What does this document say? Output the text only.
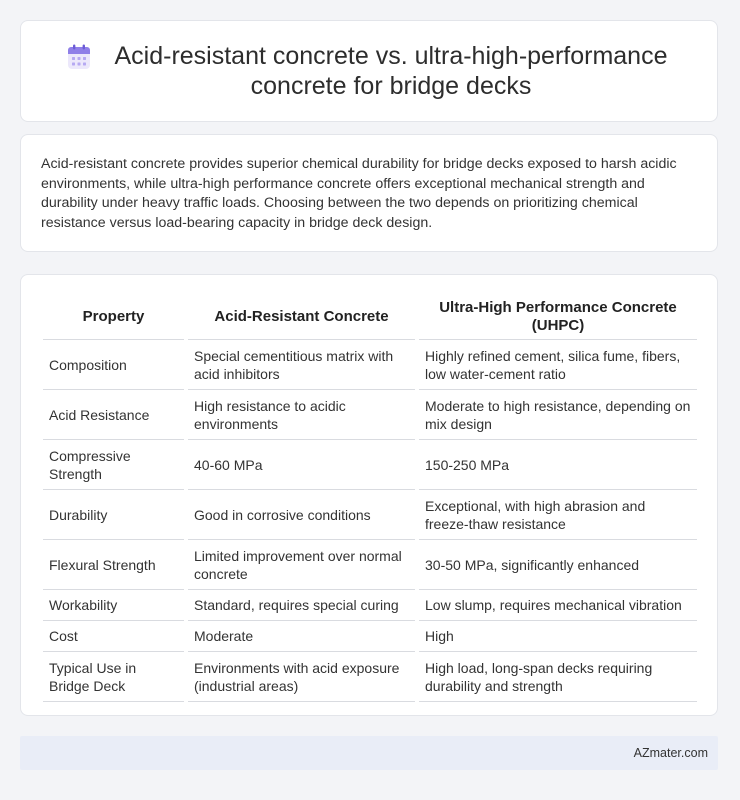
Acid-resistant concrete vs. ultra-high-performance concrete for bridge decks
Acid-resistant concrete provides superior chemical durability for bridge decks exposed to harsh acidic environments, while ultra-high performance concrete offers exceptional mechanical strength and durability under heavy traffic loads. Choosing between the two depends on prioritizing chemical resistance versus load-bearing capacity in bridge deck design.
Property	Acid-Resistant Concrete	Ultra-High Performance Concrete (UHPC)
Composition	Special cementitious matrix with acid inhibitors	Highly refined cement, silica fume, fibers, low water-cement ratio
Acid Resistance	High resistance to acidic environments	Moderate to high resistance, depending on mix design
Compressive Strength	40-60 MPa	150-250 MPa
Durability	Good in corrosive conditions	Exceptional, with high abrasion and freeze-thaw resistance
Flexural Strength	Limited improvement over normal concrete	30-50 MPa, significantly enhanced
Workability	Standard, requires special curing	Low slump, requires mechanical vibration
Cost	Moderate	High
Typical Use in Bridge Deck	Environments with acid exposure (industrial areas)	High load, long-span decks requiring durability and strength
AZmater.com
